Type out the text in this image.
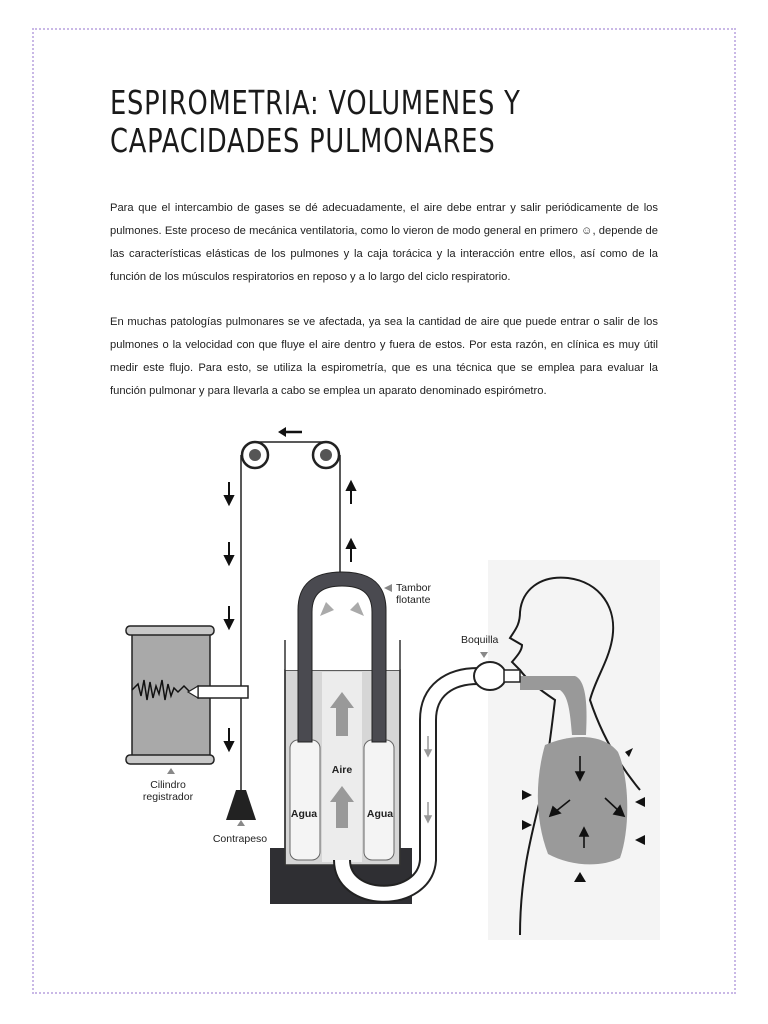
ESPIROMETRIA: VOLUMENES Y
CAPACIDADES PULMONARES

Para que el intercambio de gases se dé adecuadamente, el aire debe entrar y salir periódicamente de los pulmones. Este proceso de mecánica ventilatoria, como lo vieron de modo general en primero ☺, depende de las características elásticas de los pulmones y la caja torácica y la interacción entre ellos, así como de la función de los músculos respiratorios en reposo y a lo largo del ciclo respiratorio.

En muchas patologías pulmonares se ve afectada, ya sea la cantidad de aire que puede entrar o salir de los pulmones o la velocidad con que fluye el aire dentro y fuera de estos. Por esta razón, en clínica es muy útil medir este flujo. Para esto, se utiliza la espirometría, que es una técnica que se emplea para evaluar la función pulmonar y para llevarla a cabo se emplea un aparato denominado espirómetro.

Tambor
flotante
Boquilla
Cilindro
registrador
Contrapeso
Aire
Agua	Agua
